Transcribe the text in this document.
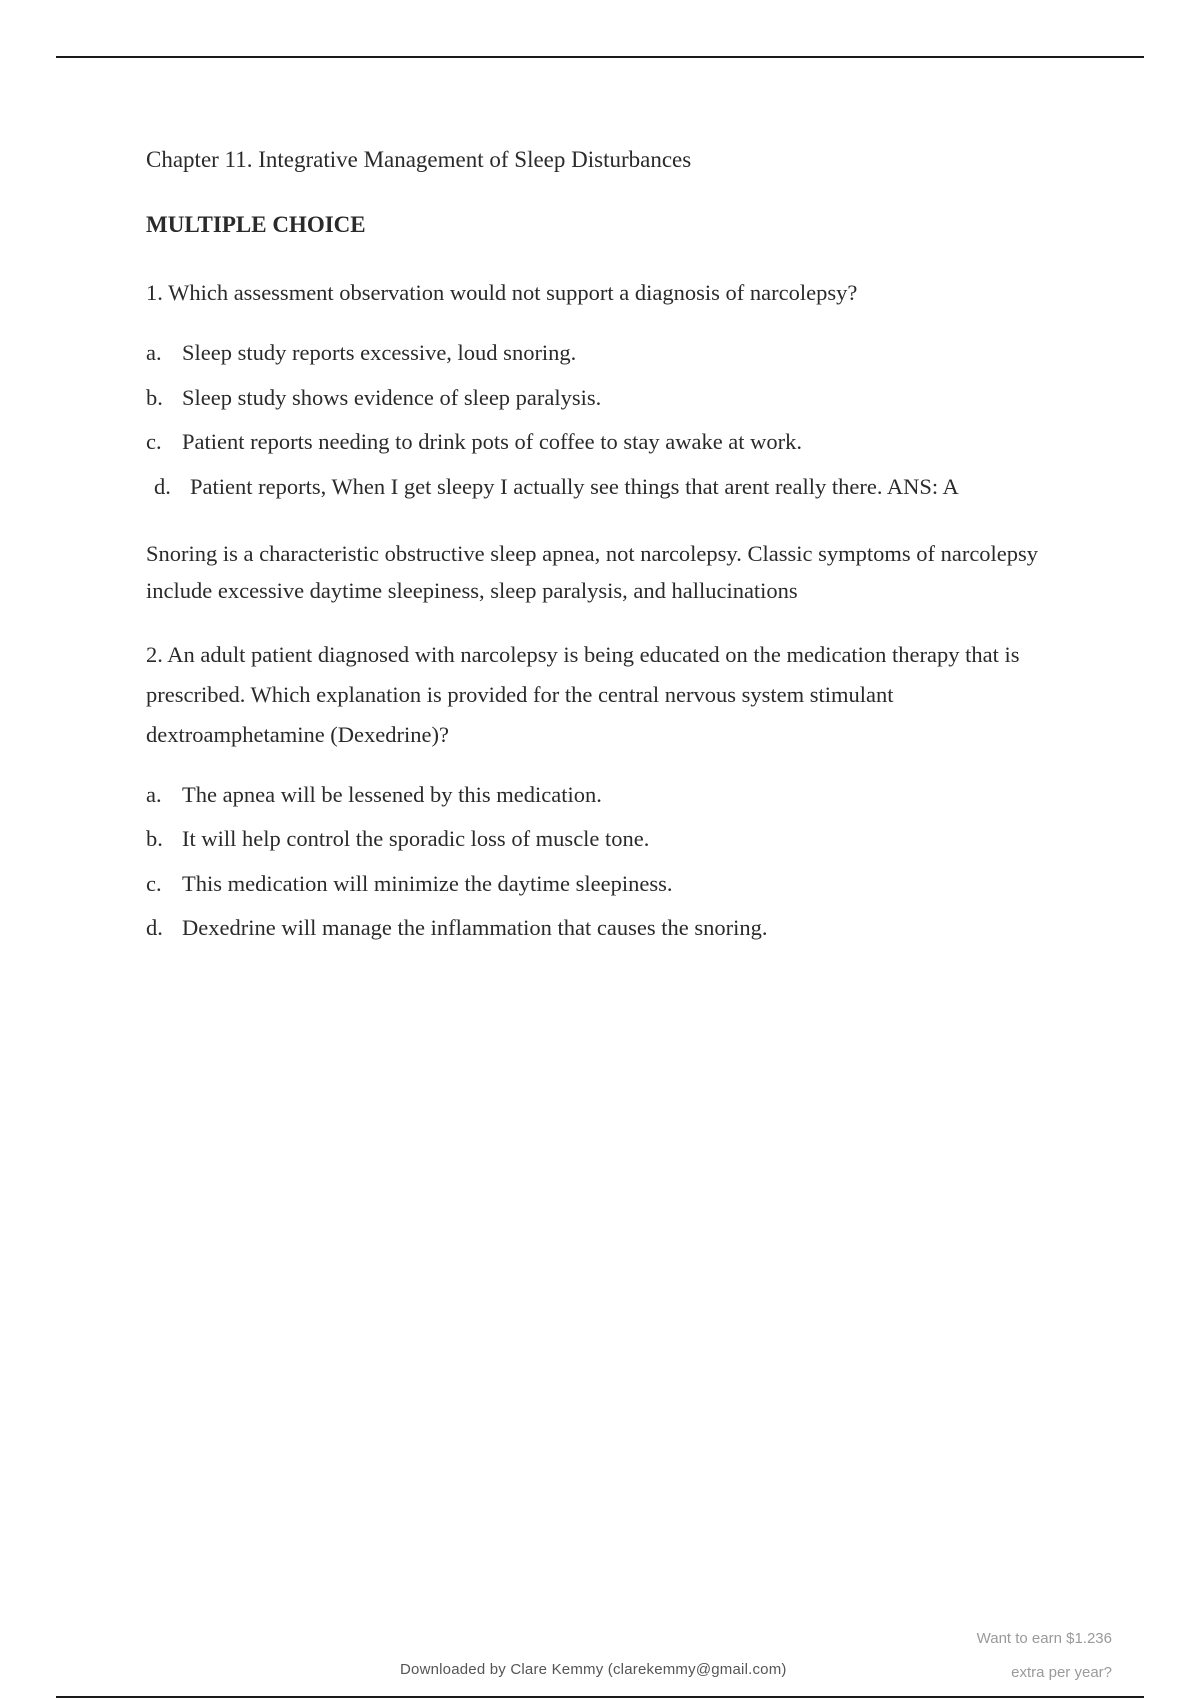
Chapter 11. Integrative Management of Sleep Disturbances
MULTIPLE CHOICE

1. Which assessment observation would not support a diagnosis of narcolepsy?

a. Sleep study reports excessive, loud snoring.
b. Sleep study shows evidence of sleep paralysis.
c. Patient reports needing to drink pots of coffee to stay awake at work.
d. Patient reports, When I get sleepy I actually see things that arent really there. ANS: A

Snoring is a characteristic obstructive sleep apnea, not narcolepsy. Classic symptoms of narcolepsy include excessive daytime sleepiness, sleep paralysis, and hallucinations

2. An adult patient diagnosed with narcolepsy is being educated on the medication therapy that is prescribed. Which explanation is provided for the central nervous system stimulant dextroamphetamine (Dexedrine)?

a. The apnea will be lessened by this medication.
b. It will help control the sporadic loss of muscle tone.
c. This medication will minimize the daytime sleepiness.
d. Dexedrine will manage the inflammation that causes the snoring.
Want to earn $1.236
extra per year?
Downloaded by Clare Kemmy (clarekemmy@gmail.com)
